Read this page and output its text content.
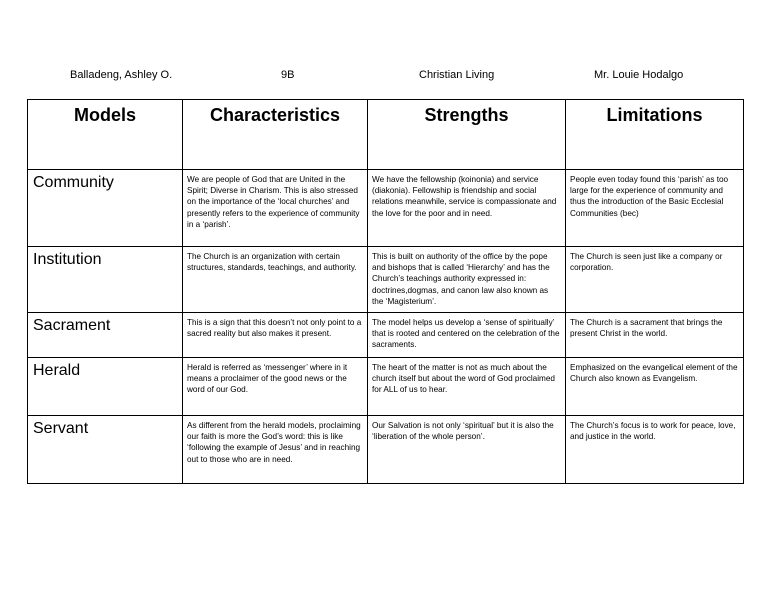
Balladeng, Ashley O.	9B	Christian Living	Mr. Louie Hodalgo
Models	Characteristics	Strengths	Limitations
Community	We are people of God that are United in the Spirit; Diverse in Charism. This is also stressed on the importance of the ‘local churches’ and presently refers to the experience of community in a ‘parish’.	We have the fellowship (koinonia) and service (diakonia). Fellowship is friendship and social relations meanwhile, service is compassionate and the love for the poor and in need.	People even today found this ‘parish’ as too large for the experience of community and thus the introduction of the Basic Ecclesial Communities (bec)
Institution	The Church is an organization with certain structures, standards, teachings, and authority.	This is built on authority of the office by the pope and bishops that is called ‘Hierarchy’ and has the Church’s teachings authority expressed in: doctrines,dogmas, and canon law also known as the ‘Magisterium’.	The Church is seen just like a company or corporation.
Sacrament	This is a sign that this doesn’t not only point to a sacred reality but also makes it present.	The model helps us develop a ‘sense of spiritually’ that is rooted and centered on the celebration of the sacraments.	The Church is a sacrament that brings the present Christ in the world.
Herald	Herald is referred as ‘messenger’ where in it means a proclaimer of the good news or the word of our God.	The heart of the matter is not as much about the church itself but about the word of God proclaimed for ALL of us to hear.	Emphasized on the evangelical element of the Church also known as Evangelism.
Servant	As different from the herald models, proclaiming our faith is more the God’s word: this is like ‘following the example of Jesus’ and in reaching out to those who are in need.	Our Salvation is not only ‘spiritual’ but it is also the ‘liberation of the whole person’.	The Church’s focus is to work for peace, love, and justice in the world.
